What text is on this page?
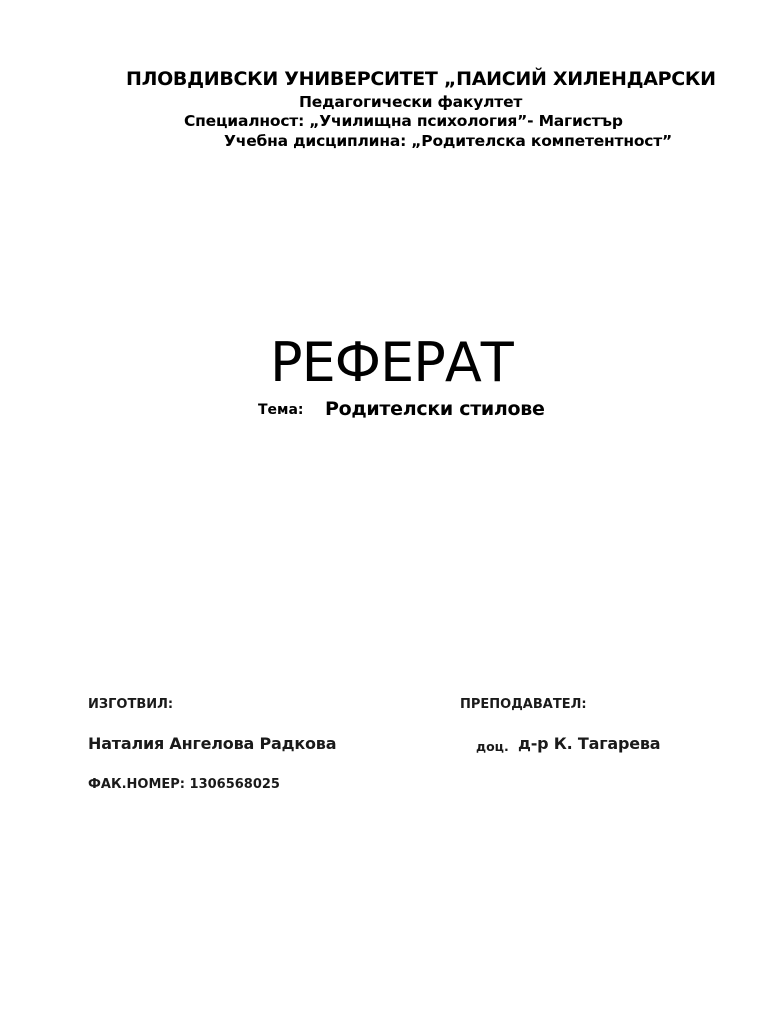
ПЛОВДИВСКИ УНИВЕРСИТЕТ „ПАИСИЙ ХИЛЕНДАРСКИ
Педагогически факултет
Специалност: „Училищна психология”- Магистър
Учебна дисциплина: „Родителска компетентност”
РЕФЕРАТ
Тема: Родителски стилове
ИЗГОТВИЛ:
Наталия Ангелова Радкова
ФАК.НОМЕР: 1306568025
ПРЕПОДАВАТЕЛ:
доц. д-р К. Тагарева
